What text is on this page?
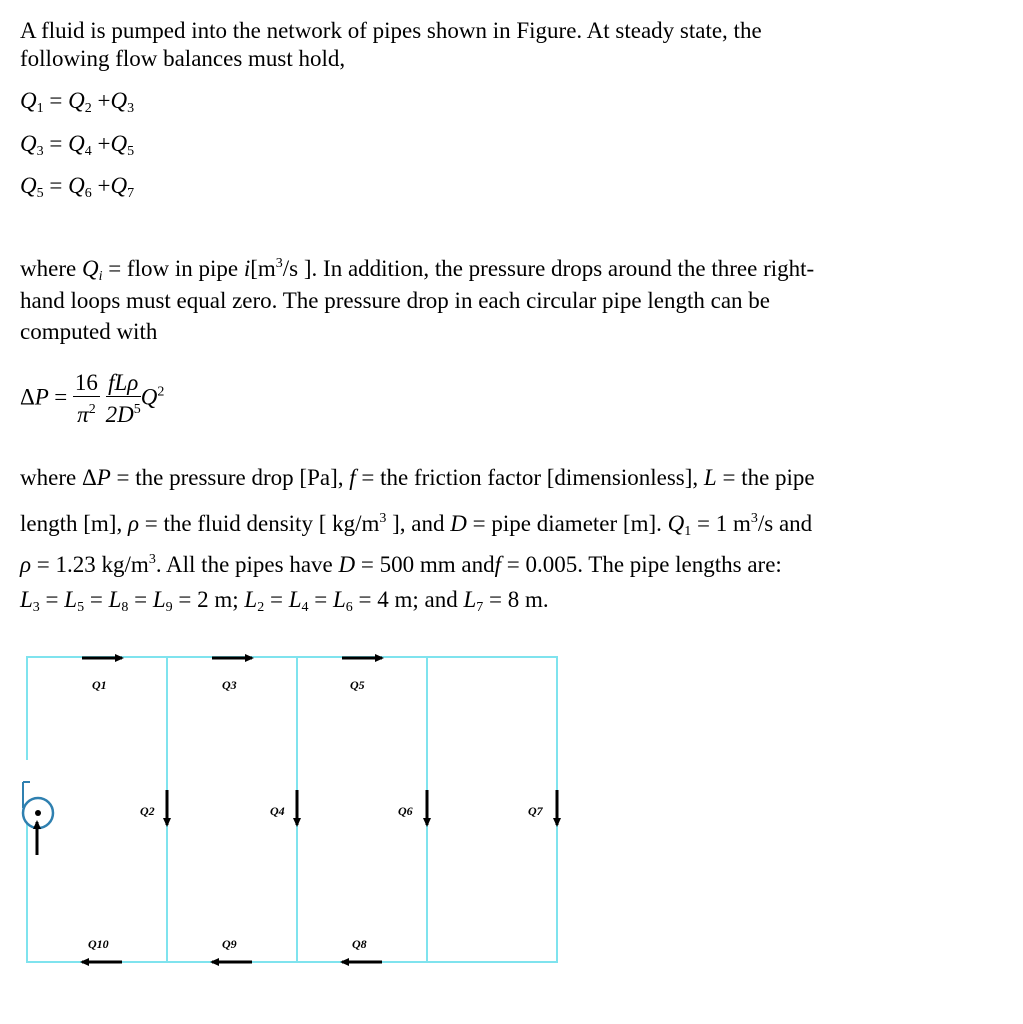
A fluid is pumped into the network of pipes shown in Figure. At steady state, the
following flow balances must hold,
$Q_1 = Q_2 +Q_3$
$Q_3 = Q_4 +Q_5$
$Q_5 = Q_6 +Q_7$
where $Q_i$ = flow in pipe $i[m^3/s$ ]. In addition, the pressure drops around the three right-
hand loops must equal zero. The pressure drop in each circular pipe length can be
computed with
$\Delta P = \frac{16}{\pi^2}$
$\frac{\text{fLρ}}{2D^5} Q^2$
where ΔP = the pressure drop [Pa], f = the friction factor [dimensionless], L = the pipe
length [m], ρ = the fluid density [ $kg/m^3$ ], and D = pipe diameter [m]. $Q_1 = 1$ $m^3/s$ and
ρ = 1.23 $kg/m^3$. All the pipes have D = 500 mm andf = 0.005. The pipe lengths are:
$L_3 = L_5 = L_8 = L_9 = 2$ m; $L_2 = L_4 = L_6 = 4$ m; and $L_7 = 8$ m.
Q1	Q3	Q5
Q2	Q4	Q6	Q7
Q10	Q9	Q8
